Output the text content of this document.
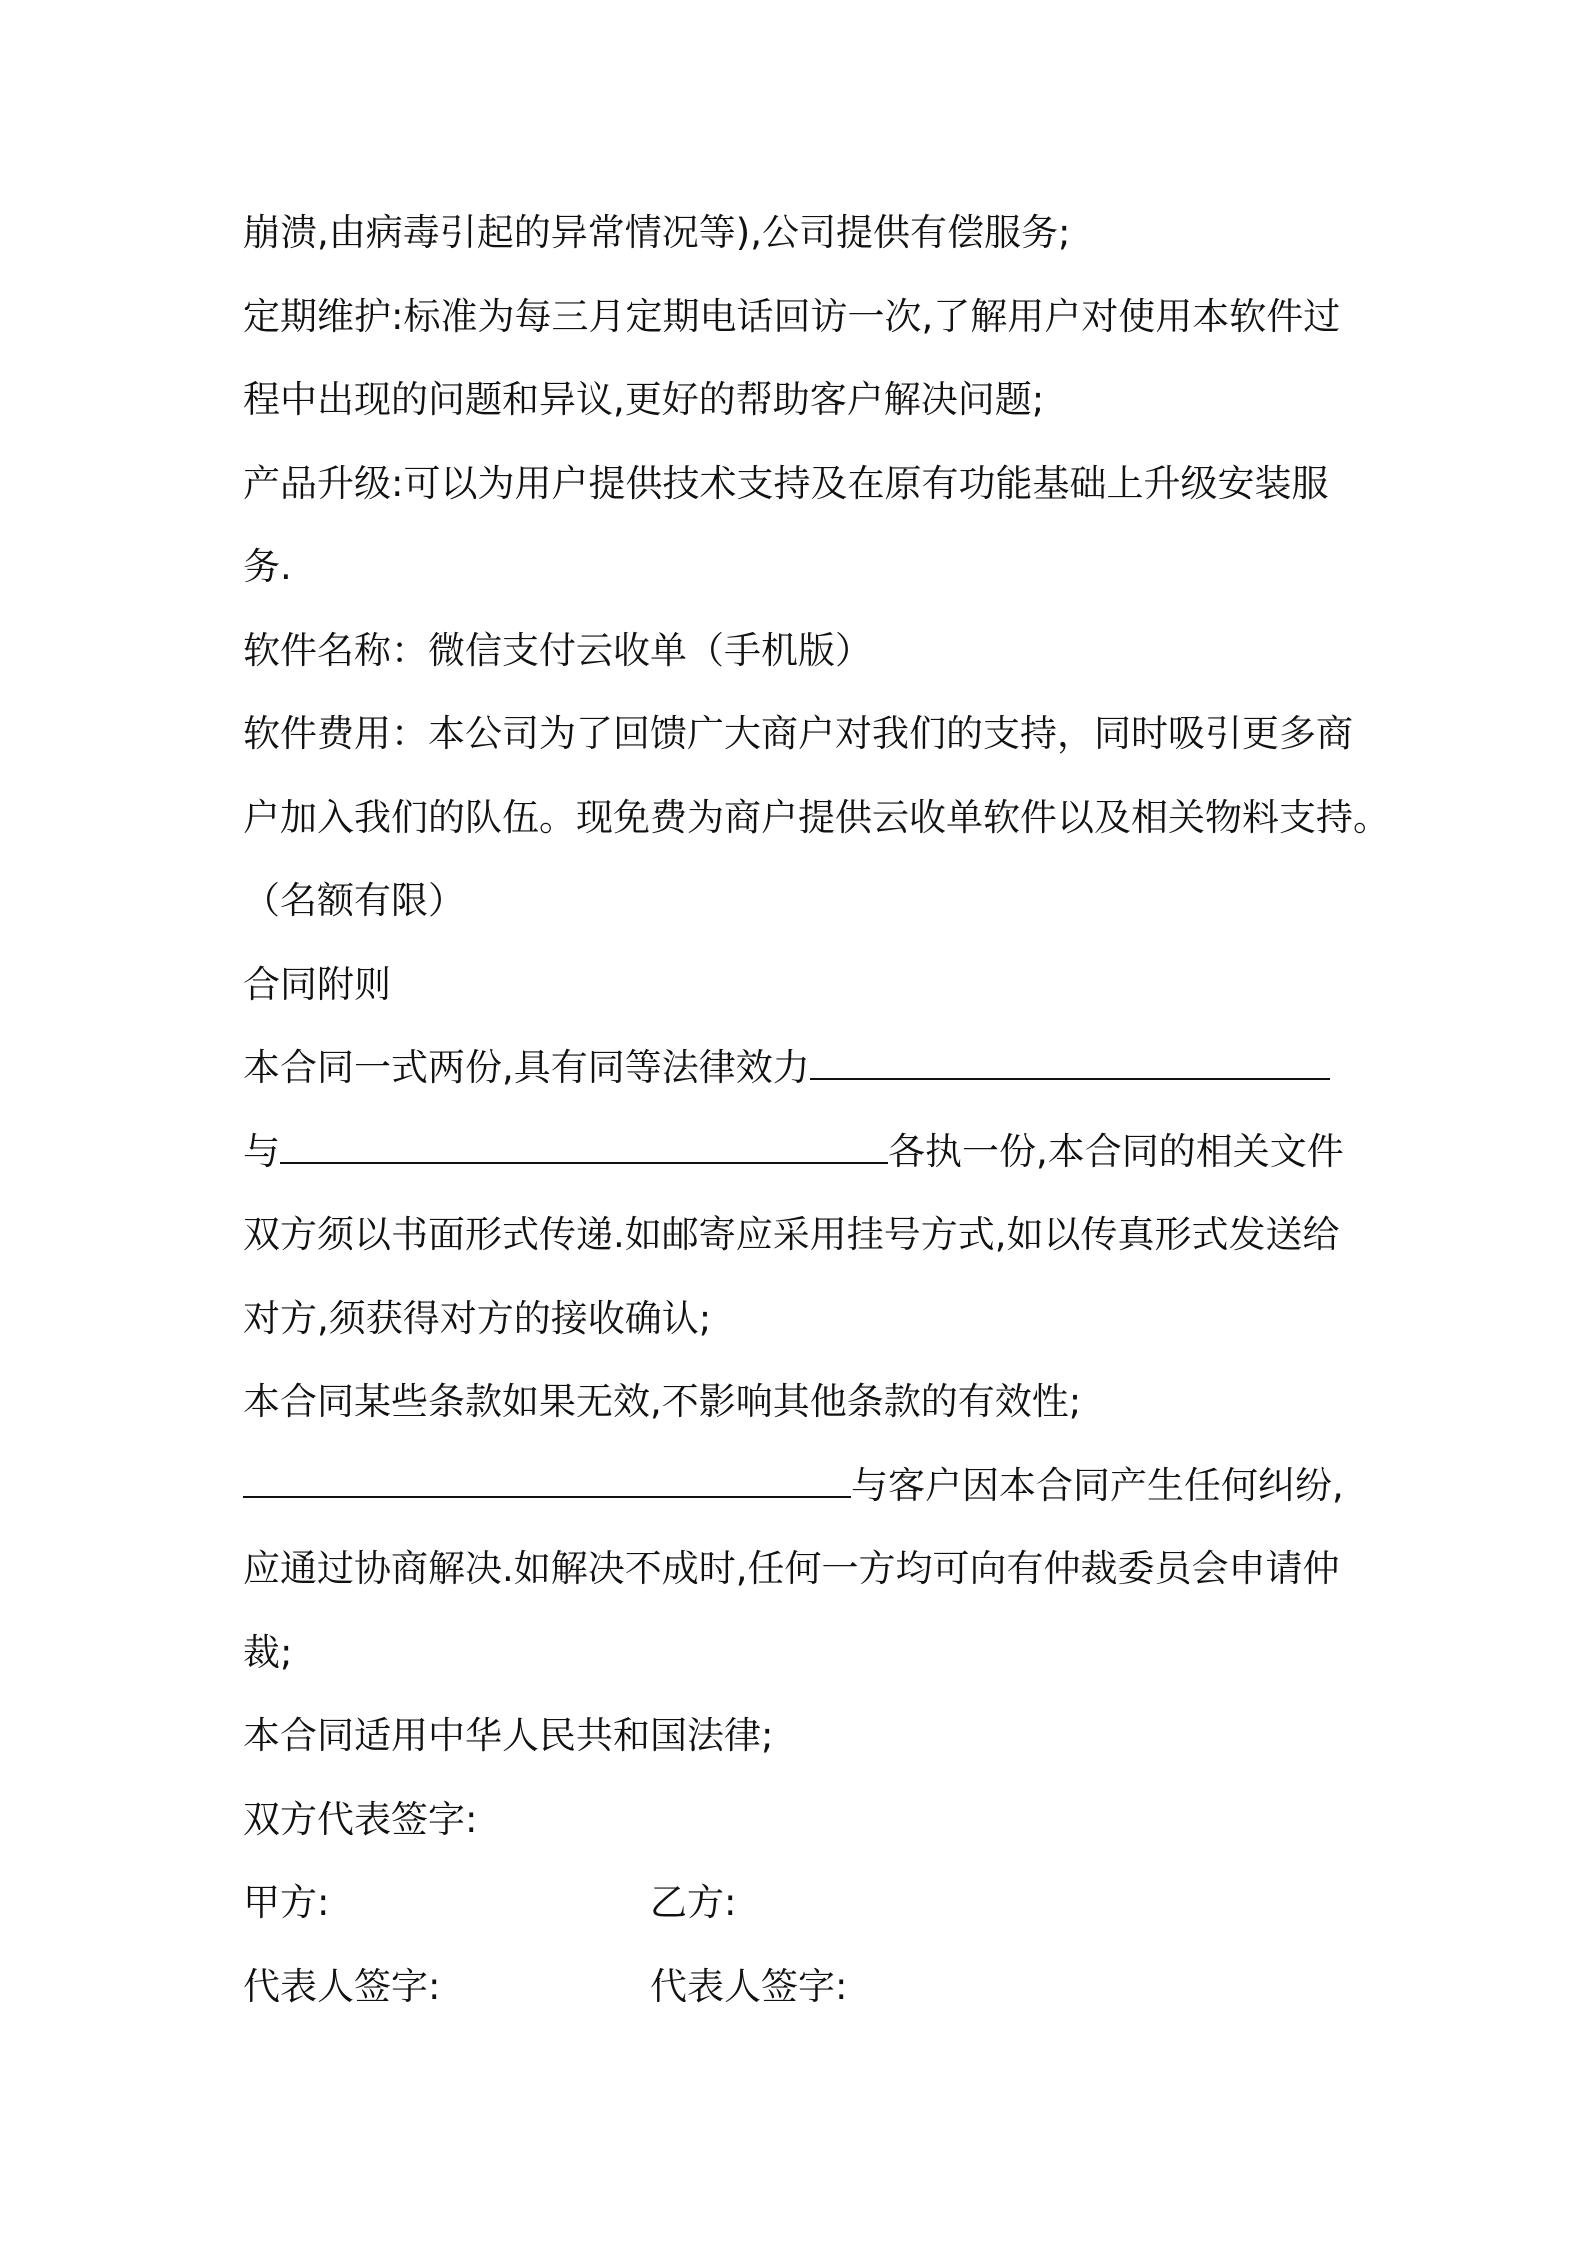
崩溃,由病毒引起的异常情况等),公司提供有偿服务;
定期维护:标准为每三月定期电话回访一次,了解用户对使用本软件过
程中出现的问题和异议,更好的帮助客户解决问题;
产品升级:可以为用户提供技术支持及在原有功能基础上升级安装服
务.
软件名称：微信支付云收单（手机版）
软件费用：本公司为了回馈广大商户对我们的支持，同时吸引更多商
户加入我们的队伍。现免费为商户提供云收单软件以及相关物料支持。
（名额有限）
合同附则
本合同一式两份,具有同等法律效力
与	各执一份,本合同的相关文件
双方须以书面形式传递.如邮寄应采用挂号方式,如以传真形式发送给
对方,须获得对方的接收确认;
本合同某些条款如果无效,不影响其他条款的有效性;
与客户因本合同产生任何纠纷,
应通过协商解决.如解决不成时,任何一方均可向有仲裁委员会申请仲
裁;
本合同适用中华人民共和国法律;
双方代表签字:
甲方:	乙方:
代表人签字:	代表人签字:
